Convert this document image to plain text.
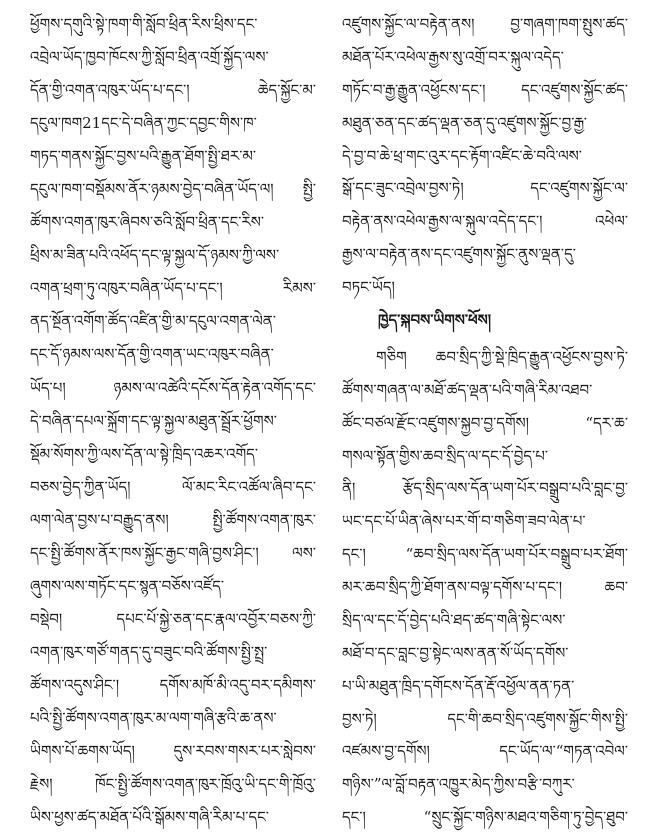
ཕྱོགས་དགུའི་སྟེ་ཁག་གི་སློབ་ཕྲིན་རིས་ཕྲིས་དང་
འབྲེལ་ཡོད་ཁྱབ་ཁོངས་ཀྱི་སློབ་ཕྲིན་འགྲོ་སྐྱོད་ལས་
དོན་གྱི་འགན་འཁུར་ཡོད་པ་དང་། ཆེད་སྐྱོང་མ་
དངུལ་ཁག21དང་དེ་བཞིན་ཀྱང་དབྱང་གིས་ཁ་
གཏད་གནས་སྐྱོང་བྱས་པའི་རྒྱུན་ཐོག་སྤྱི་ཐར་མ་
དངུལ་ཁག་བསྡོམས་ནོར་ཉམས་བྱེད་བཞིན་ཡོད་ལ། སྤྱི་
ཚོགས་འགན་ཁུར་ཞིབས་ཅའི་སློབ་ཕྲིན་དང་རིས་
ཕྲིས་མ་ཟིན་པའི་འཕོད་དང་ལྟ་སྐྱལ་དོ་ཉམས་ཀྱི་ལས་
འགན་ཕྲག་ཏུ་འཁུར་བཞིན་ཡོད་པ་དང་། རིམས་
ནད་སྔོན་འགོག་ཚོད་འཛིན་གྱི་མ་དངུལ་འགན་ལེན་
དང་དོ་ཉམས་ལས་དོན་གྱི་འགན་ཡང་འཁུར་བཞིན་
ཡོད་པ། ཉམས་ལ་འཚེའི་དངོས་དོན་རྟེན་འགོད་དང་
དེ་བཞིན་དཔལ་སྐྲོག་དང་ལྟ་སྐྱལ་མཐུན་སྦྲོར་ཕྱོགས་
སྡོམ་སོགས་ཀྱི་ལས་དོན་ལ་སྟེ་ཁྲིད་འཆར་འགོད་
བཅས་བྱེད་ཀྱིན་ཡོད། ལོ་མང་རིང་འཚོལ་ཞིབ་དང་
ལག་ལེན་བྱས་པ་བརྒྱུད་ནས། སྤྱི་ཚོགས་འགན་ཁུར་
དང་སྤྱི་ཚོགས་ནོར་ཁས་སྐྱོང་རྒྱང་གཞི་བྱས་ཤིང་། ལས་
ཞུགས་ལས་གཏོང་དང་སྙན་བཅོས་འཛོད་
བསྡེབ། དཔང་པོ་སྐྱེ་ཅན་དང་རྣལ་འབྱོར་བཅས་ཀྱི་
འགན་ཁུར་གཙོ་གནད་དུ་བཟུང་བའི་ཚོགས་སྤྱི་སྤྲ་
ཚོགས་འདུས་ཤིང་། དགོས་མཁོ་མི་འདུ་བར་དམིགས་
པའི་སྤྱི་ཚོགས་འགན་ཁུར་མ་ལག་གཞི་རྩའི་ཆ་ནས་
ཡིགས་པོ་ཆགས་ཡོད། དུས་རབས་གསར་པར་སླེབས་
རྗེས། ཁོང་སྤྱི་ཚོགས་འགན་ཁུར་ཁྲོའུ་ཡི་དང་གི་ཁྲོའུ་
ཡིས་ཕྱས་ཚད་མཐོན་པོའི་སྒོམས་གཞི་རིམ་པ་དང་
འཛུགས་སྐྱོང་ལ་བརྟེན་ནས། བྱ་གཞག་ཁག་སྤུས་ཚད་
མཐོན་པོར་འཕེལ་རྒྱས་སུ་འགྲོ་བར་སྐུལ་འདེད་
གཏོང་བ་རྒྱ་རྒྱུན་འཕྱོངས་དང་། དང་འཛུགས་སྐྱོང་ཚད་
མཐུན་ཅན་དང་ཚད་ལྡན་ཅན་དུ་འཛུགས་སྐྱོང་བྱ་རྒྱ་
དེ་བྱ་བ་ཆེ་ཕྲ་གང་འུར་དང་རྟོག་འཛིང་ཆེ་བའི་ལས་
སྒོ་དང་ཟུང་འབྲེལ་བྱས་ཏེ། དང་འཛུགས་སྐྱོང་ལ་
བརྟེན་ནས་འཕེལ་རྒྱས་ལ་སྐུལ་འདེད་དང་། འཕེལ་
རྒྱས་ལ་བརྟེན་ནས་དང་འཛུགས་སྐྱོང་ནུས་ལྡན་དུ་
བཏང་ཡོད།
ཁྱེད་སྐབས་ཡིགས་ཕོས།
གཅིག ཆབ་སྲིད་ཀྱི་སྡེ་ཁྲིད་རྒྱུན་འཕྱོངས་བྱས་ཏེ་
ཚོགས་གཞན་ལ་མཐོ་ཚད་ལྡན་པའི་གཞི་རིམ་འཐབ་
ཚོང་བཙལ་རྫོང་འཛུགས་སྐྱབ་བྱ་དགོས། “དར་ཆ་
གསལ་སྟོན་གྱིས་ཆབ་སྲིད་ལ་དང་དོ་བྱེད་པ་
ནི། རྩོད་སྲིད་ལས་དོན་ཡག་པོར་བསྒྲུབ་པའི་བླང་བྱ་
ཡང་དང་པོ་ཡིན་ཞེས་པར་གོ་བ་གཅིག་ཟབ་ལེན་པ་
དང་། “ཆབ་སྲིད་ལས་དོན་ཡག་པོར་བསྒྲུབ་པར་ཐོག་
མར་ཆབ་སྲིད་ཀྱི་ཐོག་ནས་བལྟ་དགོས་པ་དང་། ཆབ་
སྲིད་ལ་དང་དོ་བྱེད་པའི་ཐད་ཚད་གཞི་སྟེང་ལས་
མཐོ་བ་དང་བླང་བྱ་སྟེང་ལས་ནན་སོ་ཡོད་དགོས་
པ་ཡི་མཐུན་ཁྲིད་དགོངས་དོན་རྡོ་འཕྱོལ་ནན་ཏན་
བྱས་ཏེ། དང་གི་ཆབ་སྲིད་འཛུགས་སྐྱོང་གིས་སྤྱི་
འཛམས་བྱ་དགོས། དང་ཡོད་ལ་“གཏན་འབེལ་
གཉིས་”ལ་བློ་བརྟན་འཁྱུར་མེད་ཀྱིས་བརྩི་བཀུར་
དང་། “སྲུང་སྐྱོང་གཉིས་མཐའ་གཅིག་ཏུ་བྱེད་ཐུབ་
